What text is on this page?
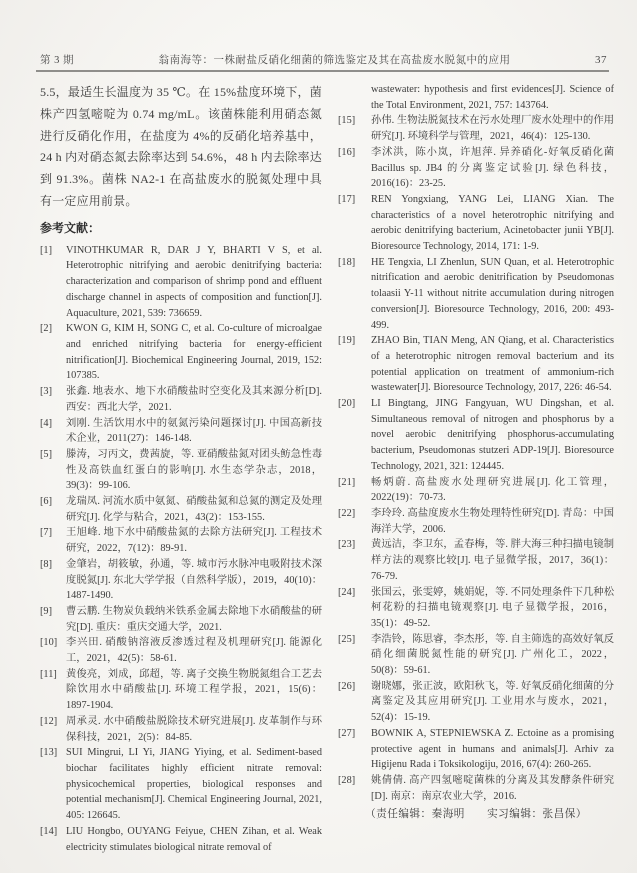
第 3 期	翁南海等：一株耐盐反硝化细菌的筛选鉴定及其在高盐废水脱氮中的应用	37

5.5，最适生长温度为 35 ℃。在 15%盐度环境下，菌株产四氢嘧啶为 0.74 mg/mL。该菌株能利用硝态氮进行反硝化作用，在盐度为 4%的反硝化培养基中，24 h 内对硝态氮去除率达到 54.6%，48 h 内去除率达到 91.3%。菌株 NA2-1 在高盐废水的脱氮处理中具有一定应用前景。

参考文献：
[1]	VINOTHKUMAR R, DAR J Y, BHARTI V S, et al. Heterotrophic nitrifying and aerobic denitrifying bacteria: characterization and comparison of shrimp pond and effluent discharge channel in aspects of composition and function[J]. Aquaculture, 2021, 539: 736659.
[2]	KWON G, KIM H, SONG C, et al. Co-culture of microalgae and enriched nitrifying bacteria for energy-efficient nitrification[J]. Biochemical Engineering Journal, 2019, 152: 107385.
[3]	张鑫. 地表水、地下水硝酸盐时空变化及其来源分析[D]. 西安：西北大学，2021.
[4]	刘刚. 生活饮用水中的氨氮污染问题探讨[J]. 中国高新技术企业，2011(27)：146-148.
[5]	滕涛，习丙文，费茜旋，等. 亚硝酸盐氮对团头鲂急性毒性及高铁血红蛋白的影响[J]. 水生态学杂志，2018，39(3)：99-106.
[6]	龙瑞凤. 河流水质中氨氮、硝酸盐氮和总氮的测定及处理研究[J]. 化学与粘合，2021，43(2)：153-155.
[7]	王旭峰. 地下水中硝酸盐氮的去除方法研究[J]. 工程技术研究，2022，7(12)：89-91.
[8]	金肇岩，胡筱敏，孙通，等. 城市污水脉冲电吸附技术深度脱氮[J]. 东北大学学报（自然科学版），2019，40(10)：1487-1490.
[9]	曹云鹏. 生物炭负载纳米铁系金属去除地下水硝酸盐的研究[D]. 重庆：重庆交通大学，2021.
[10] 李兴田. 硝酸钠溶液反渗透过程及机理研究[J]. 能源化工，2021，42(5)：58-61.
[11] 黄俊亮，刘成，邱超，等. 离子交换生物脱氮组合工艺去除饮用水中硝酸盐[J]. 环境工程学报，2021，15(6)：1897-1904.
[12] 周承灵. 水中硝酸盐脱除技术研究进展[J]. 皮革制作与环保科技，2021，2(5)：84-85.
[13] SUI Mingrui, LI Yi, JIANG Yiying, et al. Sediment-based biochar facilitates highly efficient nitrate removal: physicochemical properties, biological responses and potential mechanism[J]. Chemical Engineering Journal, 2021, 405: 126645.
[14] LIU Hongbo, OUYANG Feiyue, CHEN Zihan, et al. Weak electricity stimulates biological nitrate removal of
wastewater: hypothesis and first evidences[J]. Science of the Total Environment, 2021, 757: 143764.
[15]	孙伟. 生物法脱氮技术在污水处理厂废水处理中的作用研究[J]. 环境科学与管理，2021，46(4)：125-130.
[16]	李沭洪，陈小岚，许旭萍. 异养硝化-好氧反硝化菌 Bacillus sp. JB4 的分离鉴定试验[J]. 绿色科技，2016(16)：23-25.
[17]	REN Yongxiang, YANG Lei, LIANG Xian. The characteristics of a novel heterotrophic nitrifying and aerobic denitrifying bacterium, Acinetobacter junii YB[J]. Bioresource Technology, 2014, 171: 1-9.
[18]	HE Tengxia, LI Zhenlun, SUN Quan, et al. Heterotrophic nitrification and aerobic denitrification by Pseudomonas tolaasii Y-11 without nitrite accumulation during nitrogen conversion[J]. Bioresource Technology, 2016, 200: 493-499.
[19]	ZHAO Bin, TIAN Meng, AN Qiang, et al. Characteristics of a heterotrophic nitrogen removal bacterium and its potential application on treatment of ammonium-rich wastewater[J]. Bioresource Technology, 2017, 226: 46-54.
[20]	LI Bingtang, JING Fangyuan, WU Dingshan, et al. Simultaneous removal of nitrogen and phosphorus by a novel aerobic denitrifying phosphorus-accumulating bacterium, Pseudomonas stutzeri ADP-19[J]. Bioresource Technology, 2021, 321: 124445.
[21]	畅炳蔚. 高盐废水处理研究进展[J]. 化工管理，2022(19)：70-73.
[22]	李玲玲. 高盐度废水生物处理特性研究[D]. 青岛：中国海洋大学，2006.
[23]	黄远洁，李卫东，孟春梅，等. 胖大海三种扫描电镜制样方法的观察比较[J]. 电子显微学报，2017，36(1)：76-79.
[24]	张国云，张雯婷，姚娟妮，等. 不同处理条件下几种松柯花粉的扫描电镜观察[J]. 电子显微学报，2016，35(1)：49-52.
[25]	李浩铃，陈思睿，李杰彤，等. 自主筛选的高效好氧反硝化细菌脱氮性能的研究[J]. 广州化工，2022，50(8)：59-61.
[26]	谢晓娜，张正波，欧阳秋飞，等. 好氧反硝化细菌的分离鉴定及其应用研究[J]. 工业用水与废水，2021，52(4)：15-19.
[27]	BOWNIK A, STEPNIEWSKA Z. Ectoine as a promising protective agent in humans and animals[J]. Arhiv za Higijenu Rada i Toksikologiju, 2016, 67(4): 260-265.
[28]	姚倩倩. 高产四氢嘧啶菌株的分离及其发酵条件研究[D]. 南京：南京农业大学，2016.
（责任编辑：秦海明　　实习编辑：张昌保）
